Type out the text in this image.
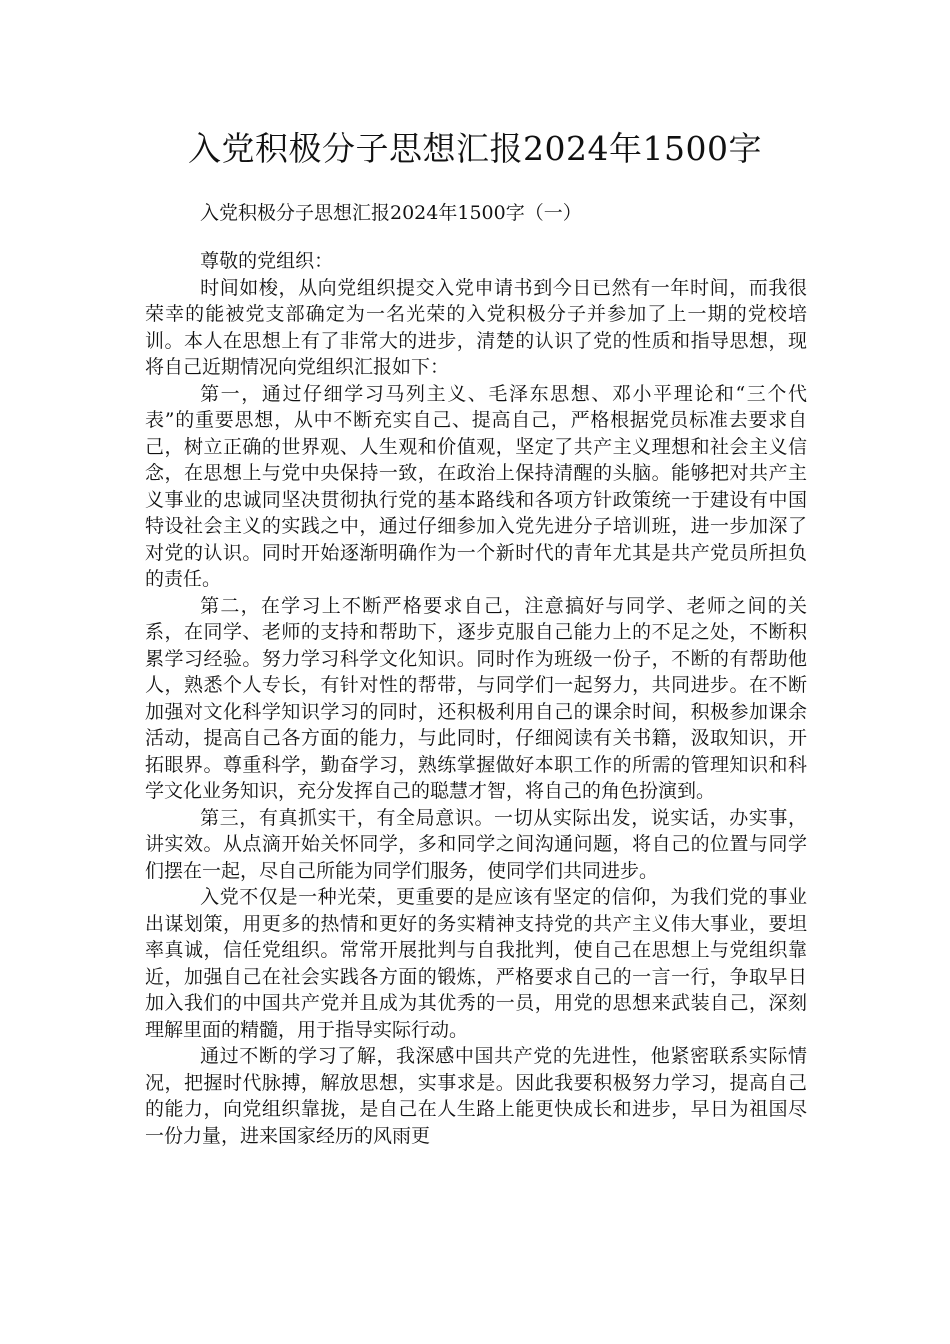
入党积极分子思想汇报2024年1500字
入党积极分子思想汇报2024年1500字（一）

尊敬的党组织：

时间如梭，从向党组织提交入党申请书到今日已然有一年时间，而我很荣幸的能被党支部确定为一名光荣的入党积极分子并参加了上一期的党校培训。本人在思想上有了非常大的进步，清楚的认识了党的性质和指导思想，现将自己近期情况向党组织汇报如下：

第一，通过仔细学习马列主义、毛泽东思想、邓小平理论和“三个代表”的重要思想，从中不断充实自己、提高自己，严格根据党员标准去要求自己，树立正确的世界观、人生观和价值观，坚定了共产主义理想和社会主义信念，在思想上与党中央保持一致，在政治上保持清醒的头脑。能够把对共产主义事业的忠诚同坚决贯彻执行党的基本路线和各项方针政策统一于建设有中国特设社会主义的实践之中，通过仔细参加入党先进分子培训班，进一步加深了对党的认识。同时开始逐渐明确作为一个新时代的青年尤其是共产党员所担负的责任。

第二，在学习上不断严格要求自己，注意搞好与同学、老师之间的关系，在同学、老师的支持和帮助下，逐步克服自己能力上的不足之处，不断积累学习经验。努力学习科学文化知识。同时作为班级一份子，不断的有帮助他人，熟悉个人专长，有针对性的帮带，与同学们一起努力，共同进步。在不断加强对文化科学知识学习的同时，还积极利用自己的课余时间，积极参加课余活动，提高自己各方面的能力，与此同时，仔细阅读有关书籍，汲取知识，开拓眼界。尊重科学，勤奋学习，熟练掌握做好本职工作的所需的管理知识和科学文化业务知识，充分发挥自己的聪慧才智，将自己的角色扮演到。

第三，有真抓实干，有全局意识。一切从实际出发，说实话，办实事，讲实效。从点滴开始关怀同学，多和同学之间沟通问题，将自己的位置与同学们摆在一起，尽自己所能为同学们服务，使同学们共同进步。

入党不仅是一种光荣，更重要的是应该有坚定的信仰，为我们党的事业出谋划策，用更多的热情和更好的务实精神支持党的共产主义伟大事业，要坦率真诚，信任党组织。常常开展批判与自我批判，使自己在思想上与党组织靠近，加强自己在社会实践各方面的锻炼，严格要求自己的一言一行，争取早日加入我们的中国共产党并且成为其优秀的一员，用党的思想来武装自己，深刻理解里面的精髓，用于指导实际行动。

通过不断的学习了解，我深感中国共产党的先进性，他紧密联系实际情况，把握时代脉搏，解放思想，实事求是。因此我要积极努力学习，提高自己的能力，向党组织靠拢，是自己在人生路上能更快成长和进步，早日为祖国尽一份力量，进来国家经历的风雨更
